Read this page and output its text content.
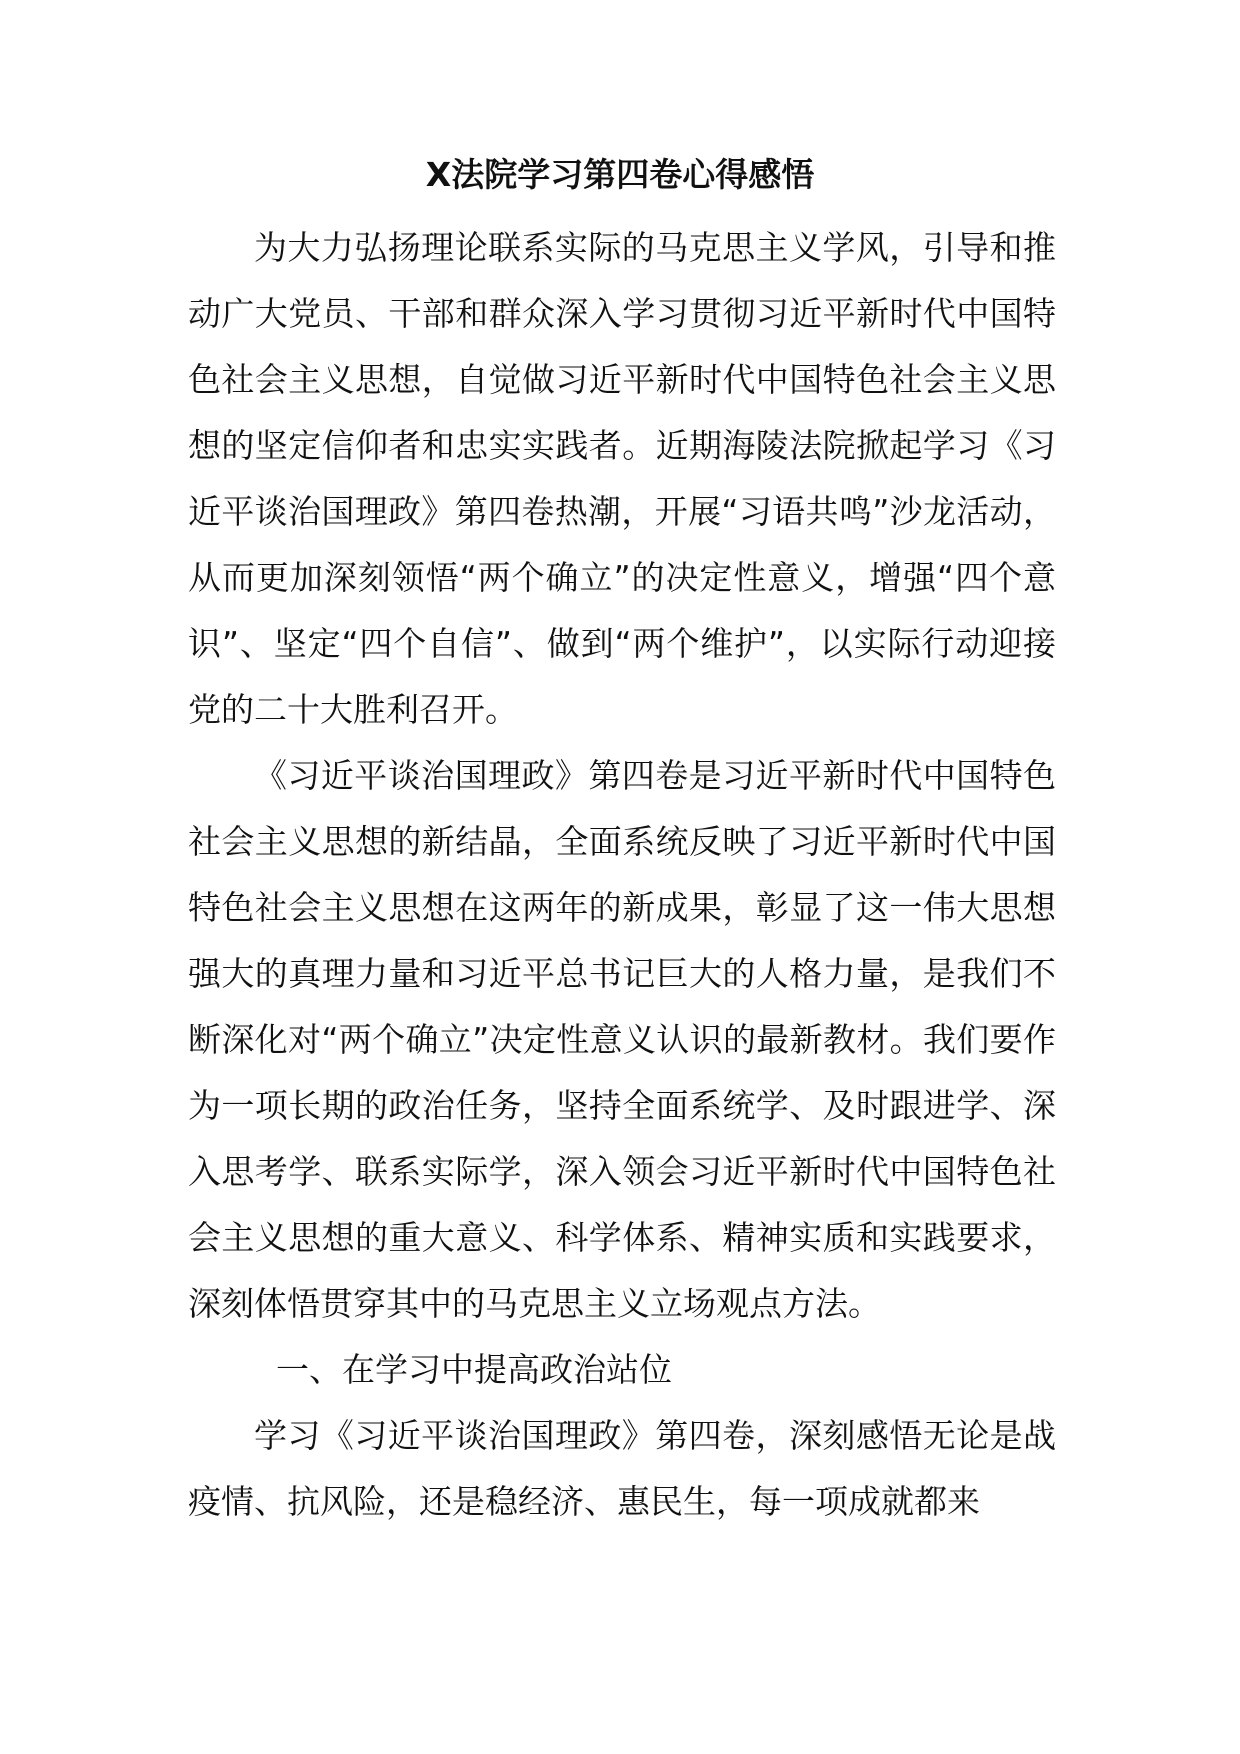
X法院学习第四卷心得感悟

为大力弘扬理论联系实际的马克思主义学风，引导和推动广大党员、干部和群众深入学习贯彻习近平新时代中国特色社会主义思想，自觉做习近平新时代中国特色社会主义思想的坚定信仰者和忠实实践者。近期海陵法院掀起学习《习近平谈治国理政》第四卷热潮，开展“习语共鸣”沙龙活动，从而更加深刻领悟“两个确立”的决定性意义，增强“四个意识”、坚定“四个自信”、做到“两个维护”，以实际行动迎接党的二十大胜利召开。

《习近平谈治国理政》第四卷是习近平新时代中国特色社会主义思想的新结晶，全面系统反映了习近平新时代中国特色社会主义思想在这两年的新成果，彰显了这一伟大思想强大的真理力量和习近平总书记巨大的人格力量，是我们不断深化对“两个确立”决定性意义认识的最新教材。我们要作为一项长期的政治任务，坚持全面系统学、及时跟进学、深入思考学、联系实际学，深入领会习近平新时代中国特色社会主义思想的重大意义、科学体系、精神实质和实践要求，深刻体悟贯穿其中的马克思主义立场观点方法。

一、在学习中提高政治站位

学习《习近平谈治国理政》第四卷，深刻感悟无论是战疫情、抗风险，还是稳经济、惠民生，每一项成就都来
